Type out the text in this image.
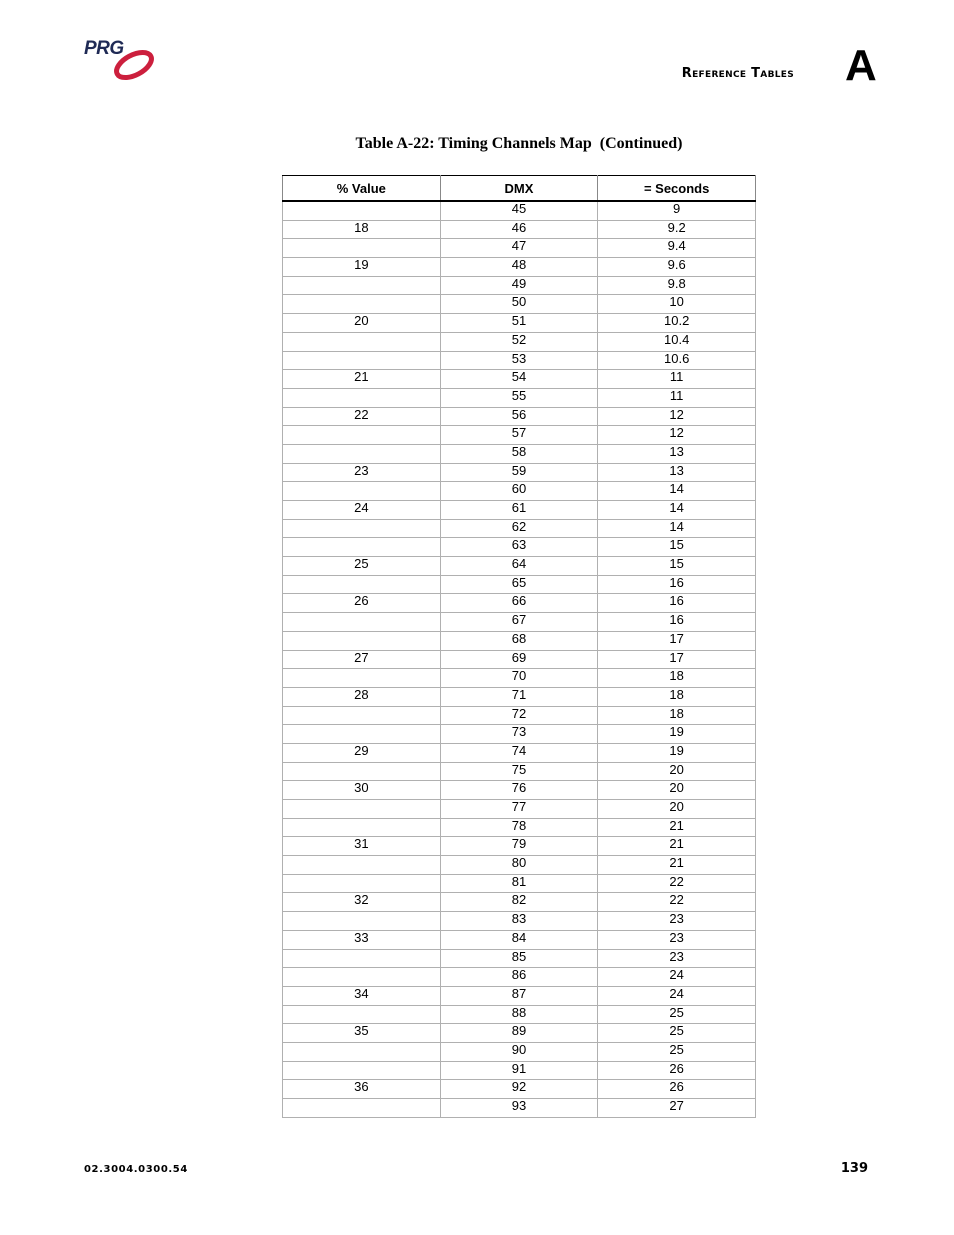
PRG
Reference Tables A
Table A-22: Timing Channels Map  (Continued)
% Value	DMX	= Seconds
	45	9
18	46	9.2
	47	9.4
19	48	9.6
	49	9.8
	50	10
20	51	10.2
	52	10.4
	53	10.6
21	54	11
	55	11
22	56	12
	57	12
	58	13
23	59	13
	60	14
24	61	14
	62	14
	63	15
25	64	15
	65	16
26	66	16
	67	16
	68	17
27	69	17
	70	18
28	71	18
	72	18
	73	19
29	74	19
	75	20
30	76	20
	77	20
	78	21
31	79	21
	80	21
	81	22
32	82	22
	83	23
33	84	23
	85	23
	86	24
34	87	24
	88	25
35	89	25
	90	25
	91	26
36	92	26
	93	27
02.3004.0300.54	139
